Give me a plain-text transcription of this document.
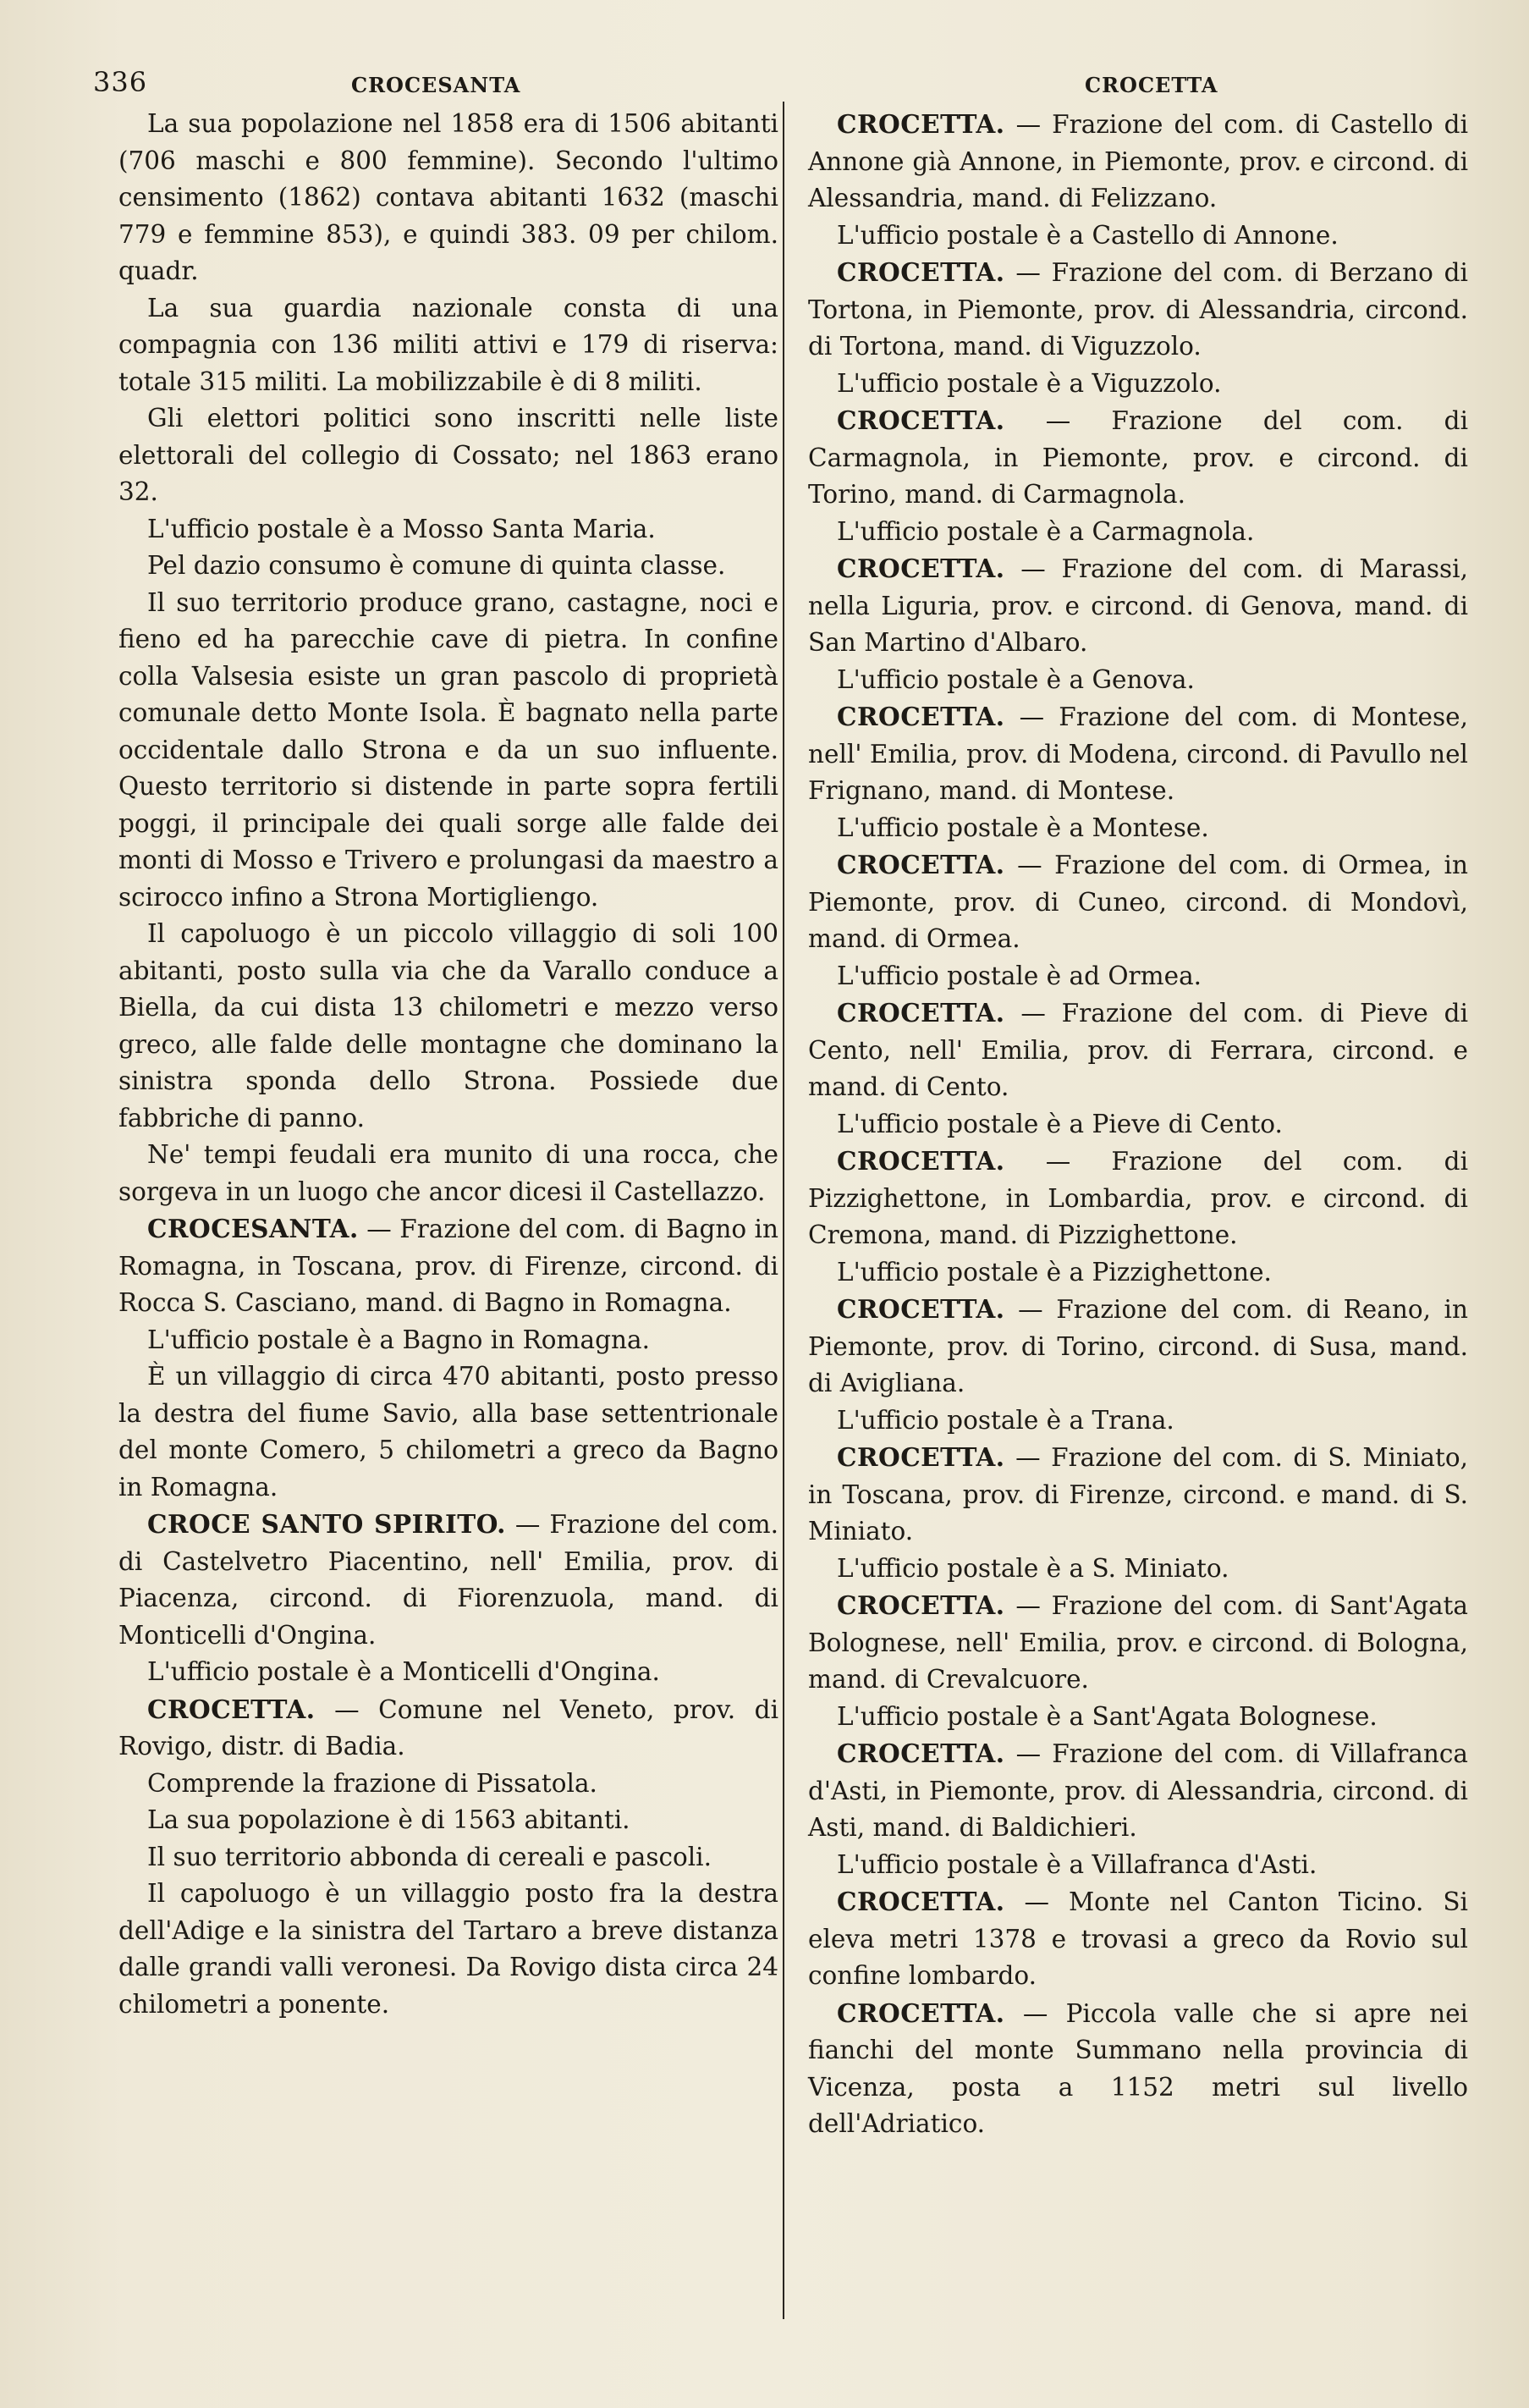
336	CROCESANTA	CROCETTA

La sua popolazione nel 1858 era di 1506 abitanti (706 maschi e 800 femmine). Secondo l'ultimo censimento (1862) contava abitanti 1632 (maschi 779 e femmine 853), e quindi 383. 09 per chilom. quadr.

La sua guardia nazionale consta di una compagnia con 136 militi attivi e 179 di riserva: totale 315 militi. La mobilizzabile è di 8 militi.

Gli elettori politici sono inscritti nelle liste elettorali del collegio di Cossato; nel 1863 erano 32.

L'ufficio postale è a Mosso Santa Maria.

Pel dazio consumo è comune di quinta classe.

Il suo territorio produce grano, castagne, noci e fieno ed ha parecchie cave di pietra. In confine colla Valsesia esiste un gran pascolo di proprietà comunale detto Monte Isola. È bagnato nella parte occidentale dallo Strona e da un suo influente. Questo territorio si distende in parte sopra fertili poggi, il principale dei quali sorge alle falde dei monti di Mosso e Trivero e prolungasi da maestro a scirocco infino a Strona Mortigliengo.

Il capoluogo è un piccolo villaggio di soli 100 abitanti, posto sulla via che da Varallo conduce a Biella, da cui dista 13 chilometri e mezzo verso greco, alle falde delle montagne che dominano la sinistra sponda dello Strona. Possiede due fabbriche di panno.

Ne' tempi feudali era munito di una rocca, che sorgeva in un luogo che ancor dicesi il Castellazzo.

CROCESANTA. — Frazione del com. di Bagno in Romagna, in Toscana, prov. di Firenze, circond. di Rocca S. Casciano, mand. di Bagno in Romagna.

L'ufficio postale è a Bagno in Romagna.

È un villaggio di circa 470 abitanti, posto presso la destra del fiume Savio, alla base settentrionale del monte Comero, 5 chilometri a greco da Bagno in Romagna.

CROCE SANTO SPIRITO. — Frazione del com. di Castelvetro Piacentino, nell' Emilia, prov. di Piacenza, circond. di Fiorenzuola, mand. di Monticelli d'Ongina.

L'ufficio postale è a Monticelli d'Ongina.

CROCETTA. — Comune nel Veneto, prov. di Rovigo, distr. di Badia.

Comprende la frazione di Pissatola.

La sua popolazione è di 1563 abitanti.

Il suo territorio abbonda di cereali e pascoli.

Il capoluogo è un villaggio posto fra la destra dell'Adige e la sinistra del Tartaro a breve distanza dalle grandi valli veronesi. Da Rovigo dista circa 24 chilometri a ponente.

CROCETTA. — Frazione del com. di Castello di Annone già Annone, in Piemonte, prov. e circond. di Alessandria, mand. di Felizzano.

L'ufficio postale è a Castello di Annone.

CROCETTA. — Frazione del com. di Berzano di Tortona, in Piemonte, prov. di Alessandria, circond. di Tortona, mand. di Viguzzolo.

L'ufficio postale è a Viguzzolo.

CROCETTA. — Frazione del com. di Carmagnola, in Piemonte, prov. e circond. di Torino, mand. di Carmagnola.

L'ufficio postale è a Carmagnola.

CROCETTA. — Frazione del com. di Marassi, nella Liguria, prov. e circond. di Genova, mand. di San Martino d'Albaro.

L'ufficio postale è a Genova.

CROCETTA. — Frazione del com. di Montese, nell' Emilia, prov. di Modena, circond. di Pavullo nel Frignano, mand. di Montese.

L'ufficio postale è a Montese.

CROCETTA. — Frazione del com. di Ormea, in Piemonte, prov. di Cuneo, circond. di Mondovì, mand. di Ormea.

L'ufficio postale è ad Ormea.

CROCETTA. — Frazione del com. di Pieve di Cento, nell' Emilia, prov. di Ferrara, circond. e mand. di Cento.

L'ufficio postale è a Pieve di Cento.

CROCETTA. — Frazione del com. di Pizzighettone, in Lombardia, prov. e circond. di Cremona, mand. di Pizzighettone.

L'ufficio postale è a Pizzighettone.

CROCETTA. — Frazione del com. di Reano, in Piemonte, prov. di Torino, circond. di Susa, mand. di Avigliana.

L'ufficio postale è a Trana.

CROCETTA. — Frazione del com. di S. Miniato, in Toscana, prov. di Firenze, circond. e mand. di S. Miniato.

L'ufficio postale è a S. Miniato.

CROCETTA. — Frazione del com. di Sant'Agata Bolognese, nell' Emilia, prov. e circond. di Bologna, mand. di Crevalcuore.

L'ufficio postale è a Sant'Agata Bolognese.

CROCETTA. — Frazione del com. di Villafranca d'Asti, in Piemonte, prov. di Alessandria, circond. di Asti, mand. di Baldichieri.

L'ufficio postale è a Villafranca d'Asti.

CROCETTA. — Monte nel Canton Ticino. Si eleva metri 1378 e trovasi a greco da Rovio sul confine lombardo.

CROCETTA. — Piccola valle che si apre nei fianchi del monte Summano nella provincia di Vicenza, posta a 1152 metri sul livello dell'Adriatico.
